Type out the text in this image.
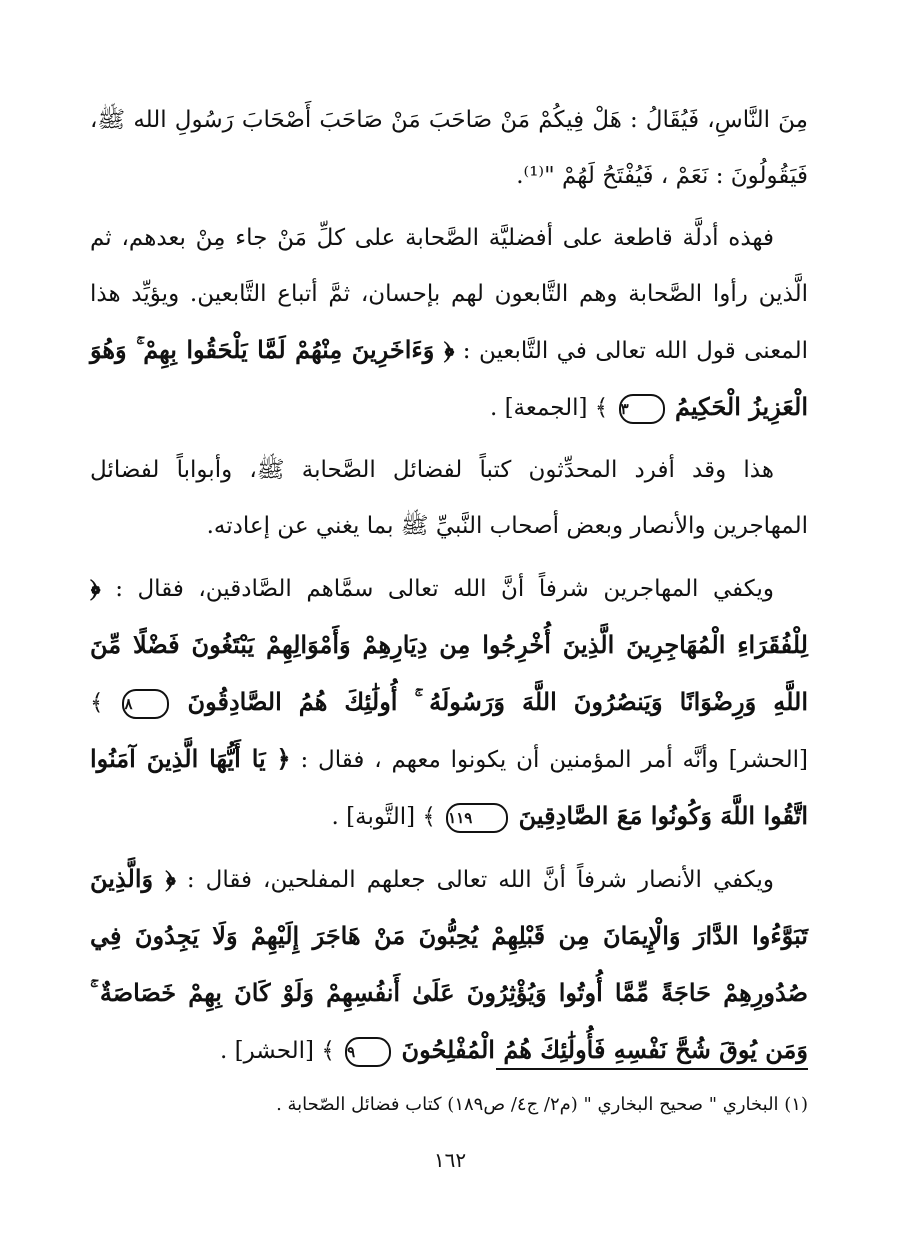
مِنَ النَّاسِ، فَيُقَالُ : هَلْ فِيكُمْ مَنْ صَاحَبَ مَنْ صَاحَبَ أَصْحَابَ رَسُولِ الله ﷺ، فَيَقُولُونَ : نَعَمْ ، فَيُفْتَحُ لَهُمْ "⁽¹⁾.

فهذه أدلَّة قاطعة على أفضليَّة الصَّحابة على كلِّ مَنْ جاء مِنْ بعدهم، ثم الَّذين رأوا الصَّحابة وهم التَّابعون لهم بإحسان، ثمَّ أتباع التَّابعين. ويؤيِّد هذا المعنى قول الله تعالى في التَّابعين : ﴿ وَءَاخَرِينَ مِنْهُمْ لَمَّا يَلْحَقُوا بِهِمْ ۚ وَهُوَ الْعَزِيزُ الْحَكِيمُ ٣ ﴾ [الجمعة] .

هذا وقد أفرد المحدِّثون كتباً لفضائل الصَّحابة ﷺ، وأبواباً لفضائل المهاجرين والأنصار وبعض أصحاب النَّبيِّ ﷺ بما يغني عن إعادته.

ويكفي المهاجرين شرفاً أنَّ الله تعالى سمَّاهم الصَّادقين، فقال : ﴿ لِلْفُقَرَاءِ الْمُهَاجِرِينَ الَّذِينَ أُخْرِجُوا مِن دِيَارِهِمْ وَأَمْوَالِهِمْ يَبْتَغُونَ فَضْلًا مِّنَ اللَّهِ وَرِضْوَانًا وَيَنصُرُونَ اللَّهَ وَرَسُولَهُ ۚ أُولَٰئِكَ هُمُ الصَّادِقُونَ ٨ ﴾ [الحشر] وأنَّه أمر المؤمنين أن يكونوا معهم ، فقال : ﴿ يَا أَيُّهَا الَّذِينَ آمَنُوا اتَّقُوا اللَّهَ وَكُونُوا مَعَ الصَّادِقِينَ ١١٩ ﴾ [التَّوبة] .

ويكفي الأنصار شرفاً أنَّ الله تعالى جعلهم المفلحين، فقال : ﴿ وَالَّذِينَ تَبَوَّءُوا الدَّارَ وَالْإِيمَانَ مِن قَبْلِهِمْ يُحِبُّونَ مَنْ هَاجَرَ إِلَيْهِمْ وَلَا يَجِدُونَ فِي صُدُورِهِمْ حَاجَةً مِّمَّا أُوتُوا وَيُؤْثِرُونَ عَلَىٰ أَنفُسِهِمْ وَلَوْ كَانَ بِهِمْ خَصَاصَةٌ ۚ وَمَن يُوقَ شُحَّ نَفْسِهِ فَأُولَٰئِكَ هُمُ الْمُفْلِحُونَ ٩ ﴾ [الحشر] .

(١) البخاري " صحيح البخاري " (م٢/ ج٤/ ص١٨٩) كتاب فضائل الصّحابة .
١٦٢
